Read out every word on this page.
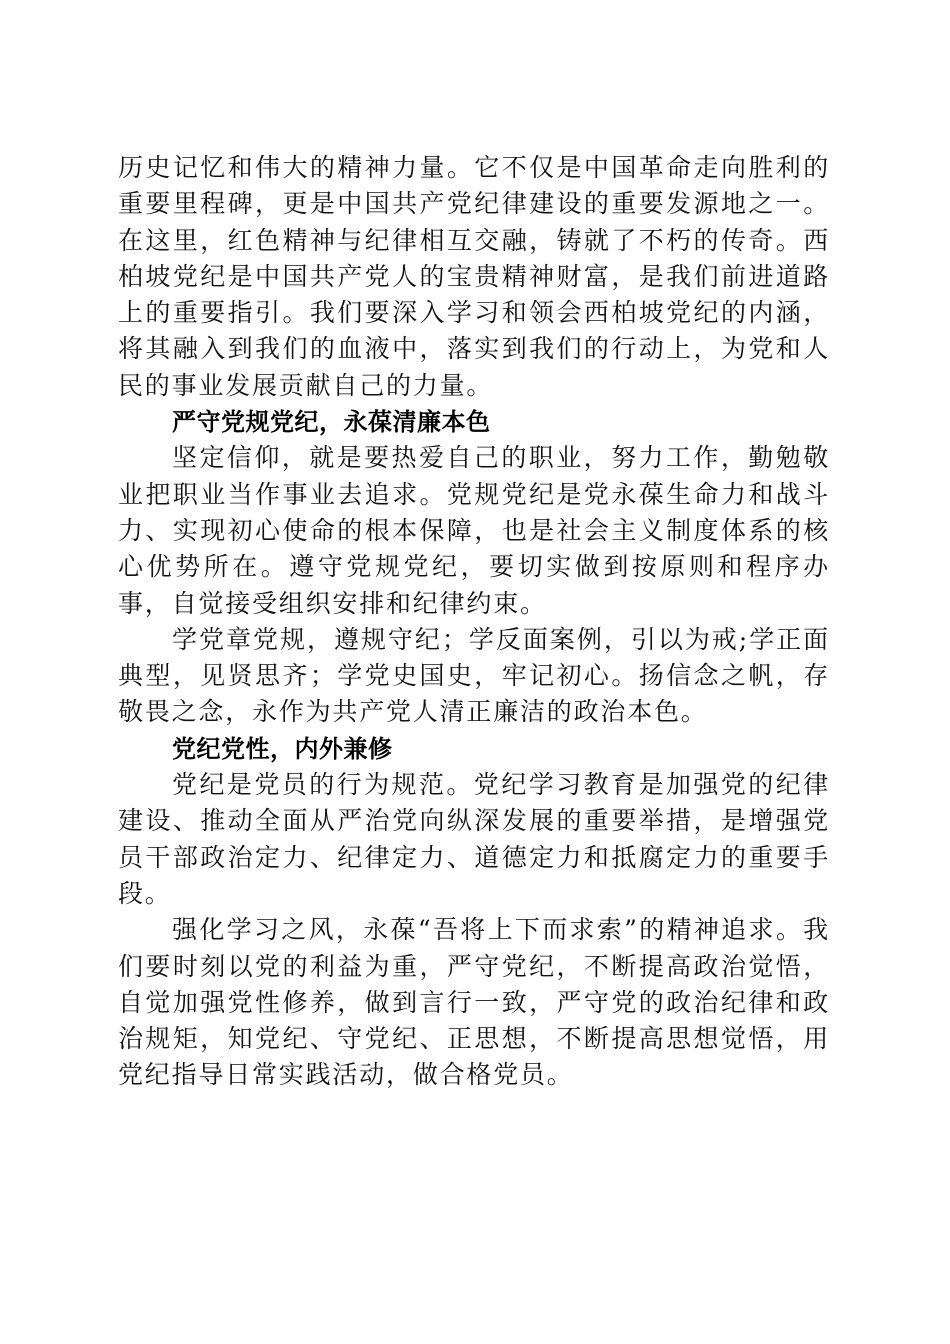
历史记忆和伟大的精神力量。它不仅是中国革命走向胜利的重要里程碑，更是中国共产党纪律建设的重要发源地之一。在这里，红色精神与纪律相互交融，铸就了不朽的传奇。西柏坡党纪是中国共产党人的宝贵精神财富，是我们前进道路上的重要指引。我们要深入学习和领会西柏坡党纪的内涵，将其融入到我们的血液中，落实到我们的行动上，为党和人民的事业发展贡献自己的力量。

严守党规党纪，永葆清廉本色

坚定信仰，就是要热爱自己的职业，努力工作，勤勉敬业把职业当作事业去追求。党规党纪是党永葆生命力和战斗力、实现初心使命的根本保障，也是社会主义制度体系的核心优势所在。遵守党规党纪，要切实做到按原则和程序办事，自觉接受组织安排和纪律约束。

学党章党规，遵规守纪；学反面案例，引以为戒;学正面典型，见贤思齐；学党史国史，牢记初心。扬信念之帆，存敬畏之念，永作为共产党人清正廉洁的政治本色。

党纪党性，内外兼修

党纪是党员的行为规范。党纪学习教育是加强党的纪律建设、推动全面从严治党向纵深发展的重要举措，是增强党员干部政治定力、纪律定力、道德定力和抵腐定力的重要手段。

强化学习之风，永葆“吾将上下而求索”的精神追求。我们要时刻以党的利益为重，严守党纪，不断提高政治觉悟，自觉加强党性修养，做到言行一致，严守党的政治纪律和政治规矩，知党纪、守党纪、正思想，不断提高思想觉悟，用党纪指导日常实践活动，做合格党员。
